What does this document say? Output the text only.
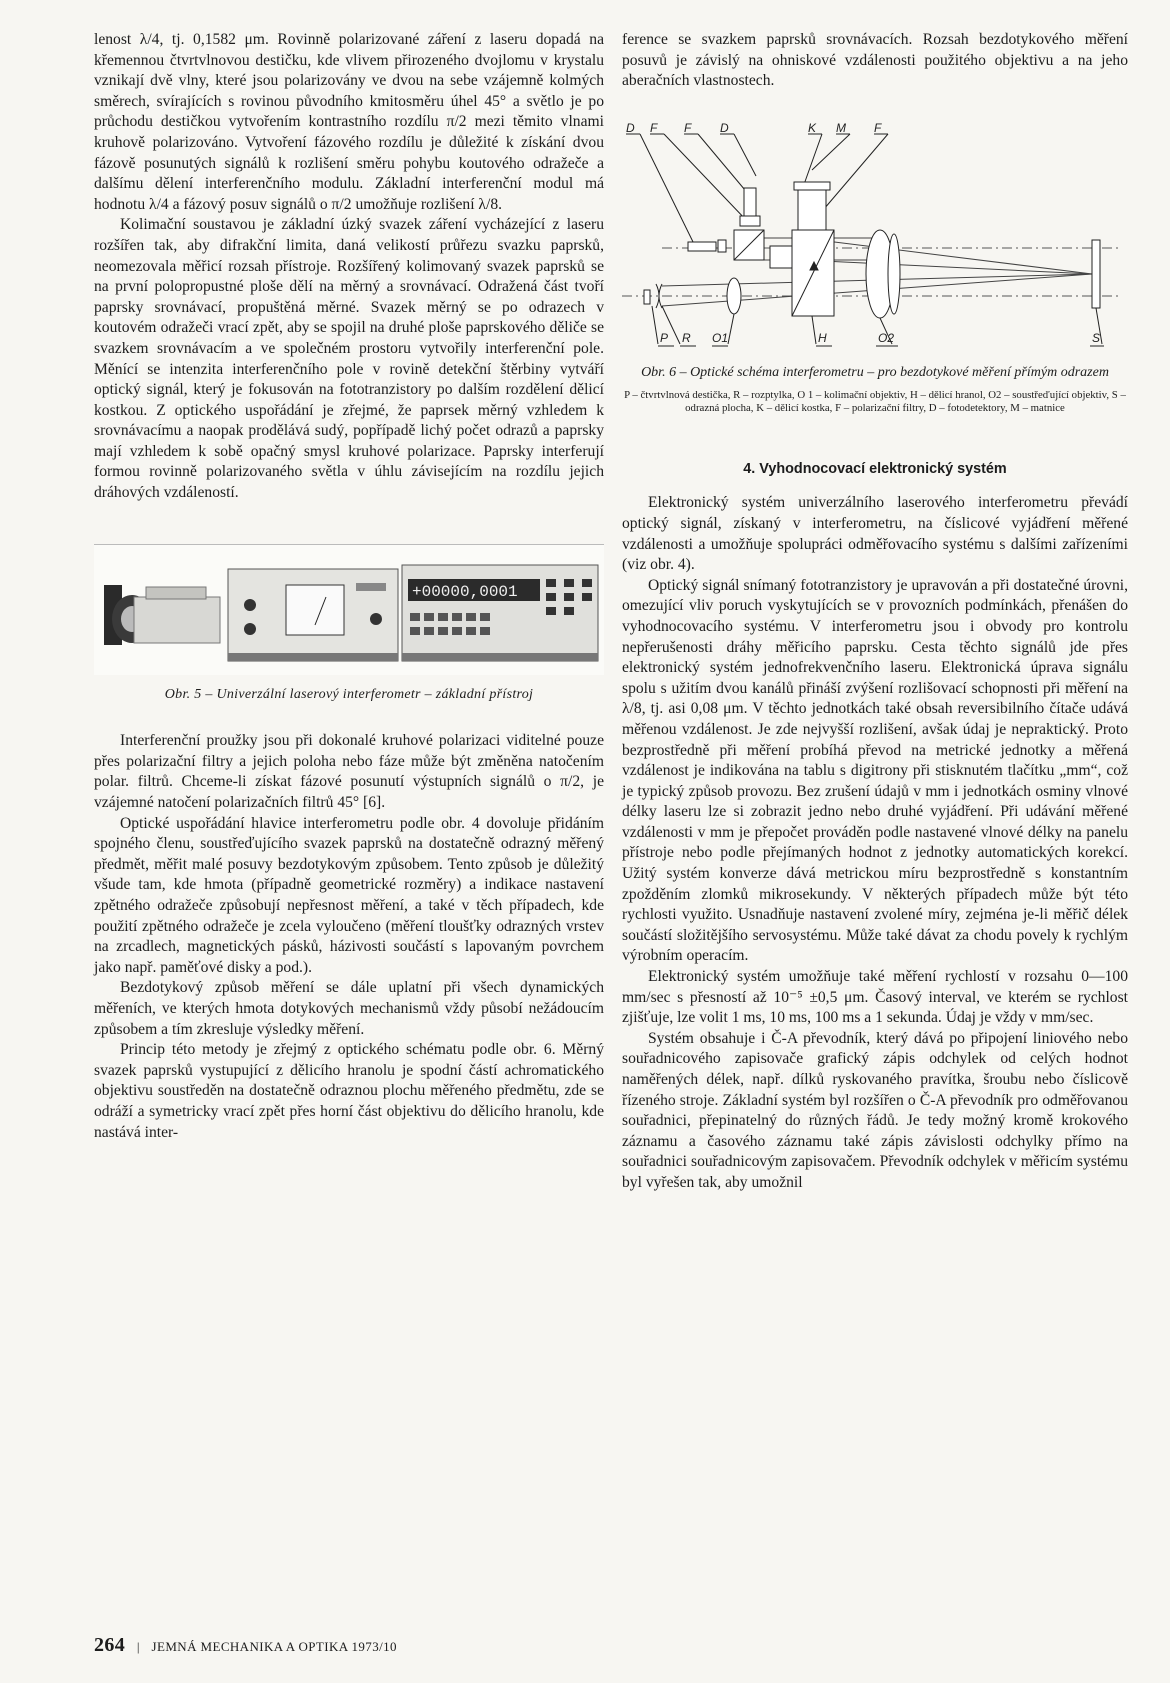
lenost λ/4, tj. 0,1582 μm. Rovinně polarizované záření z laseru dopadá na křemennou čtvrtvlnovou destičku, kde vlivem přirozeného dvojlomu v krystalu vznikají dvě vlny, které jsou polarizovány ve dvou na sebe vzájemně kolmých směrech, svírajících s rovinou původního kmitosměru úhel 45° a světlo je po průchodu destičkou vytvořením kontrastního rozdílu π/2 mezi těmito vlnami kruhově polarizováno. Vytvoření fázového rozdílu je důležité k získání dvou fázově posunutých signálů k rozlišení směru pohybu koutového odražeče a dalšímu dělení interferenčního modulu. Základní interferenční modul má hodnotu λ/4 a fázový posuv signálů o π/2 umožňuje rozlišení λ/8.

Kolimační soustavou je základní úzký svazek záření vycházející z laseru rozšířen tak, aby difrakční limita, daná velikostí průřezu svazku paprsků, neomezovala měřicí rozsah přístroje. Rozšířený kolimovaný svazek paprsků se na první polopropustné ploše dělí na měrný a srovnávací. Odražená část tvoří paprsky srovnávací, propuštěná měrné. Svazek měrný se po odrazech v koutovém odražeči vrací zpět, aby se spojil na druhé ploše paprskového děliče se svazkem srovnávacím a ve společném prostoru vytvořily interferenční pole. Měnící se intenzita interferenčního pole v rovině detekční štěrbiny vytváří optický signál, který je fokusován na fototranzistory po dalším rozdělení dělicí kostkou. Z optického uspořádání je zřejmé, že paprsek měrný vzhledem k srovnávacímu a naopak prodělává sudý, popřípadě lichý počet odrazů a paprsky mají vzhledem k sobě opačný smysl kruhové polarizace. Paprsky interferují formou rovinně polarizovaného světla v úhlu závisejícím na rozdílu jejich dráhových vzdáleností.

+00000,0001
Obr. 5 – Univerzální laserový interferometr – základní přístroj

Interferenční proužky jsou při dokonalé kruhové polarizaci viditelné pouze přes polarizační filtry a jejich poloha nebo fáze může být změněna natočením polar. filtrů. Chceme-li získat fázové posunutí výstupních signálů o π/2, je vzájemné natočení polarizačních filtrů 45° [6].

Optické uspořádání hlavice interferometru podle obr. 4 dovoluje přidáním spojného členu, soustřeďujícího svazek paprsků na dostatečně odrazný měřený předmět, měřit malé posuvy bezdotykovým způsobem. Tento způsob je důležitý všude tam, kde hmota (případně geometrické rozměry) a indikace nastavení zpětného odražeče způsobují nepřesnost měření, a také v těch případech, kde použití zpětného odražeče je zcela vyloučeno (měření tloušťky odrazných vrstev na zrcadlech, magnetických pásků, házivosti součástí s lapovaným povrchem jako např. paměťové disky a pod.).

Bezdotykový způsob měření se dále uplatní při všech dynamických měřeních, ve kterých hmota dotykových mechanismů vždy působí nežádoucím způsobem a tím zkresluje výsledky měření.

Princip této metody je zřejmý z optického schématu podle obr. 6. Měrný svazek paprsků vystupující z dělicího hranolu je spodní částí achromatického objektivu soustředěn na dostatečně odraznou plochu měřeného předmětu, zde se odráží a symetricky vrací zpět přes horní část objektivu do dělicího hranolu, kde nastává inter-

ference se svazkem paprsků srovnávacích. Rozsah bezdotykového měření posuvů je závislý na ohniskové vzdálenosti použitého objektivu a na jeho aberačních vlastnostech.

D F F D	K M F
P R O1	H	O2	S
Obr. 6 – Optické schéma interferometru – pro bezdotykové měření přímým odrazem
P – čtvrtvlnová destička, R – rozptylka, O 1 – kolimační objektiv, H – dělicí hranol, O2 – soustřeďující objektiv, S – odrazná plocha, K – dělicí kostka, F – polarizační filtry, D – fotodetektory, M – matnice
4. Vyhodnocovací elektronický systém

Elektronický systém univerzálního laserového interferometru převádí optický signál, získaný v interferometru, na číslicové vyjádření měřené vzdálenosti a umožňuje spolupráci odměřovacího systému s dalšími zařízeními (viz obr. 4).

Optický signál snímaný fototranzistory je upravován a při dostatečné úrovni, omezující vliv poruch vyskytujících se v provozních podmínkách, přenášen do vyhodnocovacího systému. V interferometru jsou i obvody pro kontrolu nepřerušenosti dráhy měřicího paprsku. Cesta těchto signálů jde přes elektronický systém jednofrekvenčního laseru. Elektronická úprava signálu spolu s užitím dvou kanálů přináší zvýšení rozlišovací schopnosti při měření na λ/8, tj. asi 0,08 μm. V těchto jednotkách také obsah reversibilního čítače udává měřenou vzdálenost. Je zde nejvyšší rozlišení, avšak údaj je nepraktický. Proto bezprostředně při měření probíhá převod na metrické jednotky a měřená vzdálenost je indikována na tablu s digitrony při stisknutém tlačítku „mm“, což je typický způsob provozu. Bez zrušení údajů v mm i jednotkách osminy vlnové délky laseru lze si zobrazit jedno nebo druhé vyjádření. Při udávání měřené vzdálenosti v mm je přepočet prováděn podle nastavené vlnové délky na panelu přístroje nebo podle přejímaných hodnot z jednotky automatických korekcí. Užitý systém konverze dává metrickou míru bezprostředně s konstantním zpožděním zlomků mikrosekundy. V některých případech může být této rychlosti využito. Usnadňuje nastavení zvolené míry, zejména je-li měřič délek součástí složitějšího servosystému. Může také dávat za chodu povely k rychlým výrobním operacím.

Elektronický systém umožňuje také měření rychlostí v rozsahu 0—100 mm/sec s přesností až 10⁻⁵ ±0,5 μm. Časový interval, ve kterém se rychlost zjišťuje, lze volit 1 ms, 10 ms, 100 ms a 1 sekunda. Údaj je vždy v mm/sec.

Systém obsahuje i Č-A převodník, který dává po připojení liniového nebo souřadnicového zapisovače grafický zápis odchylek od celých hodnot naměřených délek, např. dílků ryskovaného pravítka, šroubu nebo číslicově řízeného stroje. Základní systém byl rozšířen o Č-A převodník pro odměřovanou souřadnici, přepinatelný do různých řádů. Je tedy možný kromě krokového záznamu a časového záznamu také zápis závislosti odchylky přímo na souřadnici souřadnicovým zapisovačem. Převodník odchylek v měřicím systému byl vyřešen tak, aby umožnil

264 | JEMNÁ MECHANIKA A OPTIKA 1973/10
